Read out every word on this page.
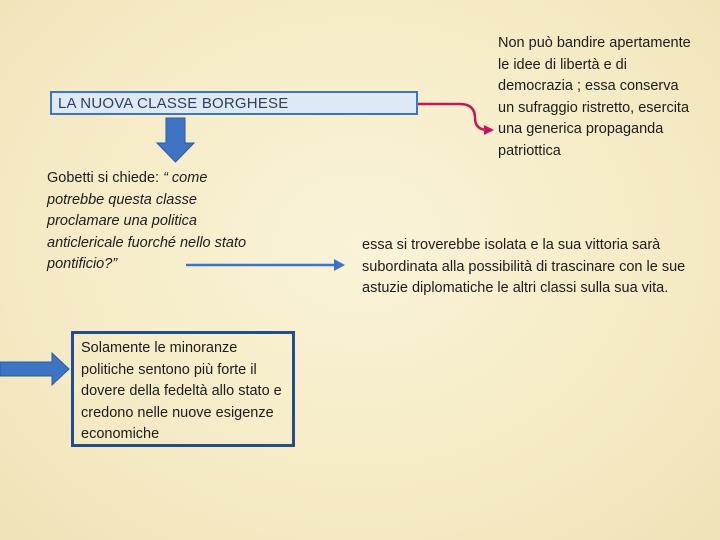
LA NUOVA CLASSE BORGHESE
Gobetti si chiede: “ come potrebbe questa classe proclamare una politica anticlericale fuorché nello stato pontificio?”
Non può bandire apertamente le idee di libertà e di democrazia ; essa conserva un sufraggio ristretto, esercita una generica propaganda patriottica
essa si troverebbe isolata e la sua vittoria sarà subordinata alla possibilità di trascinare con le sue astuzie diplomatiche le altri classi sulla sua vita.
Solamente le minoranze politiche sentono più forte il dovere della fedeltà allo stato e credono nelle nuove esigenze economiche
